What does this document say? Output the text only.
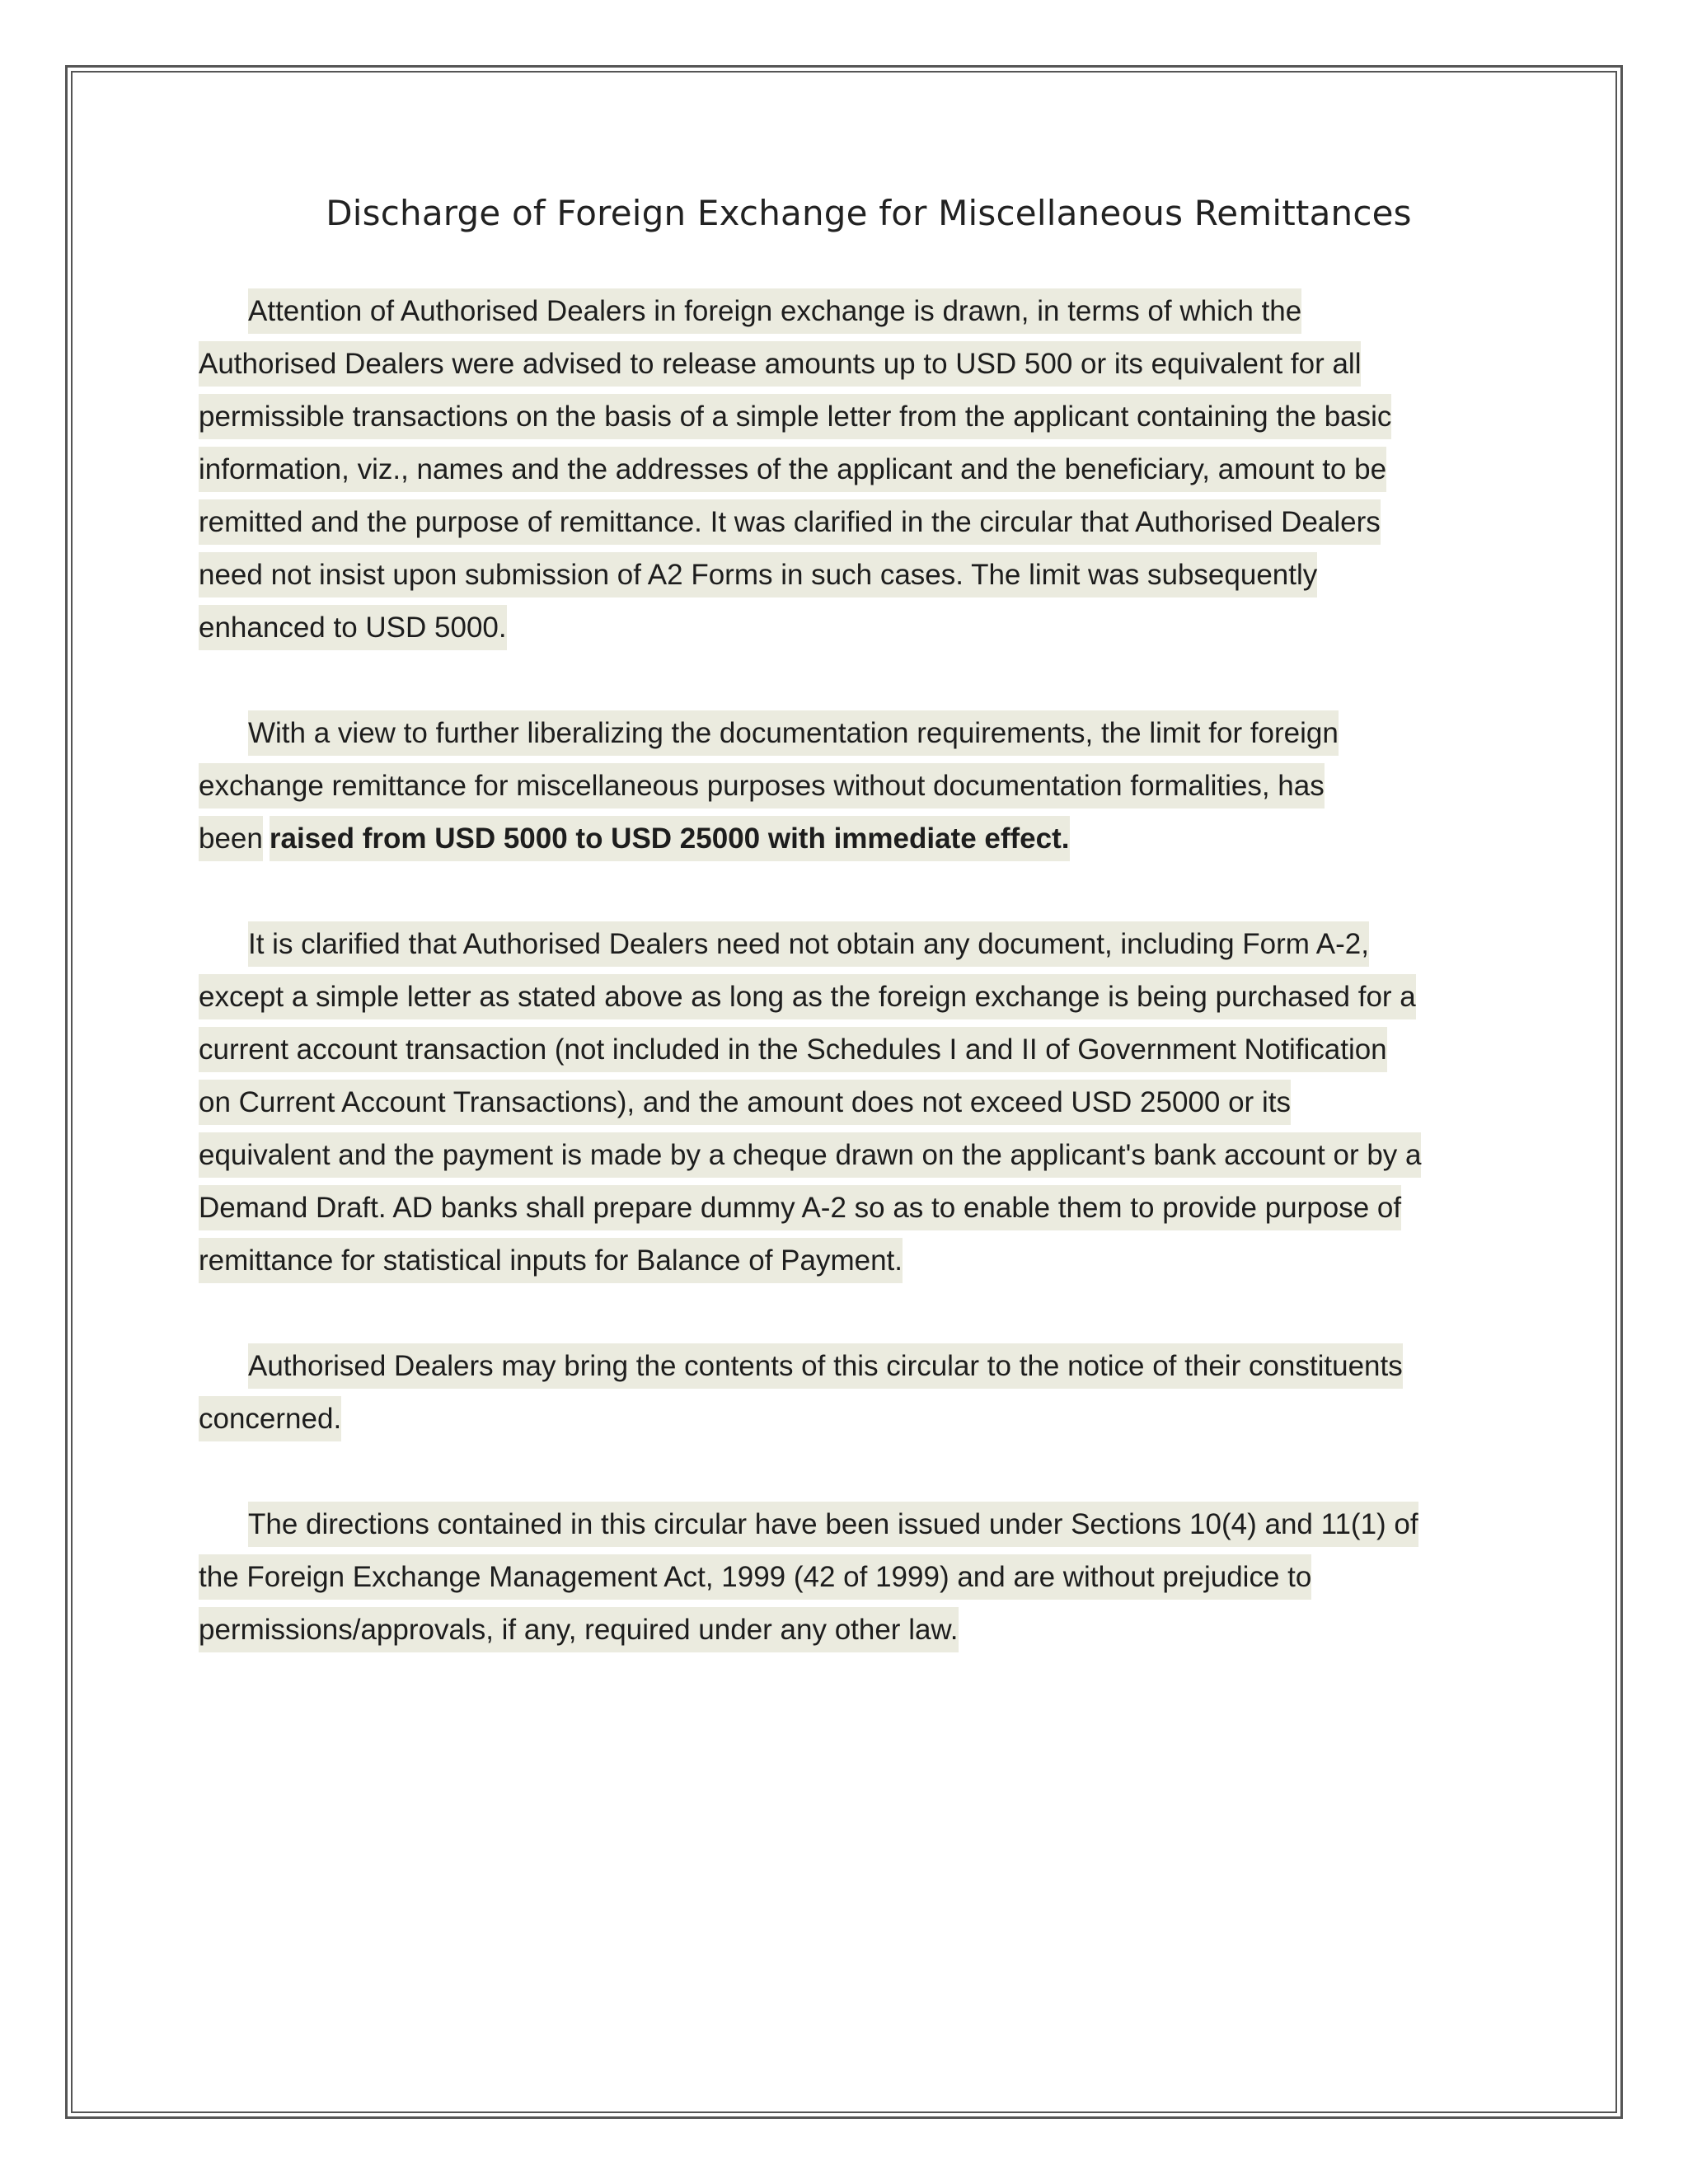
Discharge of Foreign Exchange for Miscellaneous Remittances

Attention of Authorised Dealers in foreign exchange is drawn, in terms of which the
Authorised Dealers were advised to release amounts up to USD 500 or its equivalent for all
permissible transactions on the basis of a simple letter from the applicant containing the basic
information, viz., names and the addresses of the applicant and the beneficiary, amount to be
remitted and the purpose of remittance. It was clarified in the circular that Authorised Dealers
need not insist upon submission of A2 Forms in such cases. The limit was subsequently
enhanced to USD 5000.

With a view to further liberalizing the documentation requirements, the limit for foreign
exchange remittance for miscellaneous purposes without documentation formalities, has
been raised from USD 5000 to USD 25000 with immediate effect.

It is clarified that Authorised Dealers need not obtain any document, including Form A-2,
except a simple letter as stated above as long as the foreign exchange is being purchased for a
current account transaction (not included in the Schedules I and II of Government Notification
on Current Account Transactions), and the amount does not exceed USD 25000 or its
equivalent and the payment is made by a cheque drawn on the applicant's bank account or by a
Demand Draft. AD banks shall prepare dummy A-2 so as to enable them to provide purpose of
remittance for statistical inputs for Balance of Payment.

Authorised Dealers may bring the contents of this circular to the notice of their constituents
concerned.

The directions contained in this circular have been issued under Sections 10(4) and 11(1) of
the Foreign Exchange Management Act, 1999 (42 of 1999) and are without prejudice to
permissions/approvals, if any, required under any other law.
